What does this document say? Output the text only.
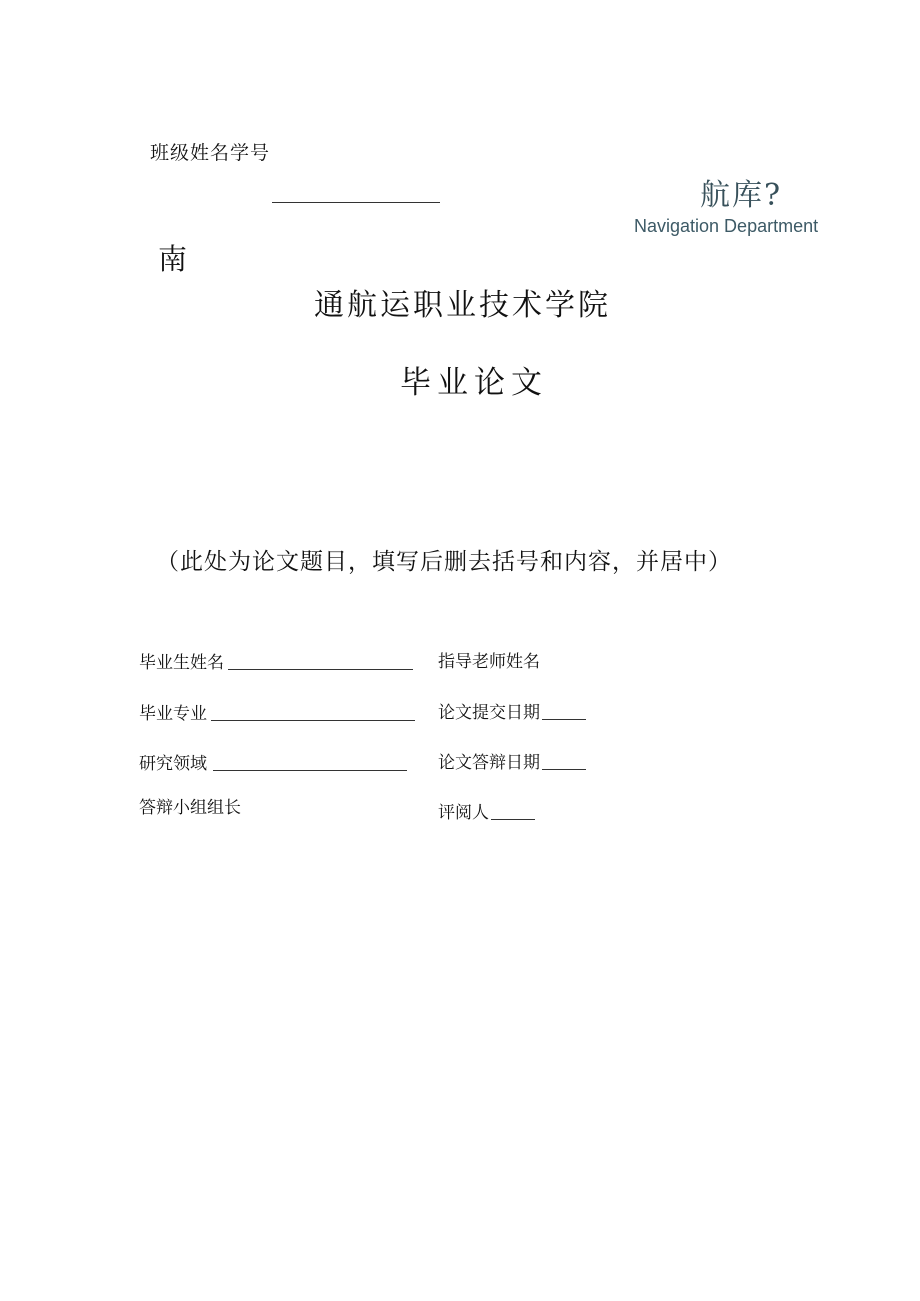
班级姓名学号
航库?
Navigation Department
南
通航运职业技术学院
毕业论文
（此处为论文题目，填写后删去括号和内容，并居中）
毕业生姓名	指导老师姓名
毕业专业	论文提交日期
研究领域	论文答辩日期
答辩小组组长	评阅人
